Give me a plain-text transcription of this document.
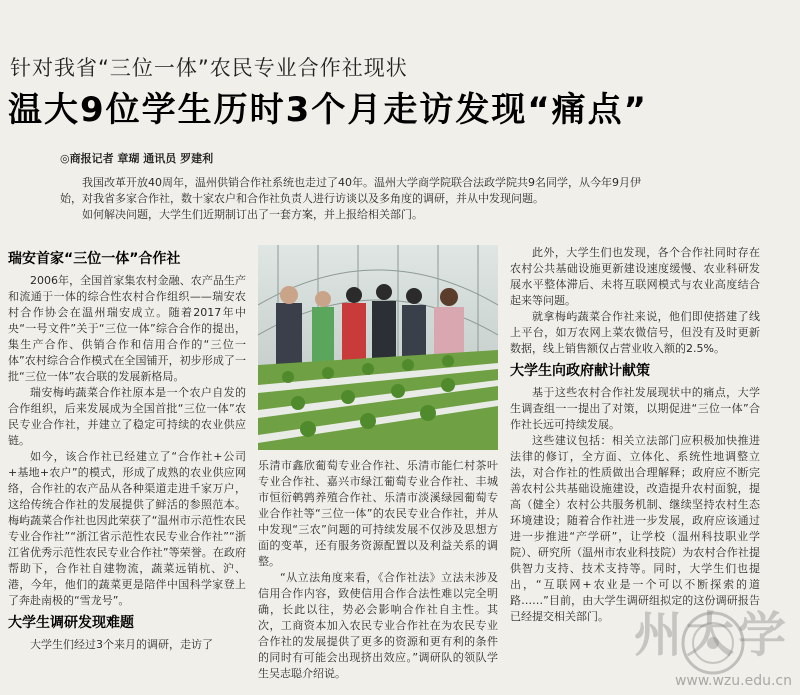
针对我省“三位一体”农民专业合作社现状
温大9位学生历时3个月走访发现“痛点”
◎商报记者 章瑚 通讯员 罗建利

我国改革开放40周年，温州供销合作社系统也走过了40年。温州大学商学院联合法政学院共9名同学，从今年9月伊始，对我省多家合作社，数十家农户和合作社负责人进行访谈以及多角度的调研，并从中发现问题。

如何解决问题，大学生们近期制订出了一套方案，并上报给相关部门。

瑞安首家“三位一体”合作社

2006年，全国首家集农村金融、农产品生产和流通于一体的综合性农村合作组织——瑞安农村合作协会在温州瑞安成立。随着2017年中央“一号文件”关于“三位一体”综合合作的提出，集生产合作、供销合作和信用合作的“三位一体”农村综合合作模式在全国铺开，初步形成了一批“三位一体”农合联的发展新格局。

瑞安梅屿蔬菜合作社原本是一个农户自发的合作组织，后来发展成为全国首批“三位一体”农民专业合作社，并建立了稳定可持续的农业供应链。

如今，该合作社已经建立了“合作社+公司+基地+农户”的模式，形成了成熟的农业供应网络，合作社的农产品从各种渠道走进千家万户，这给传统合作社的发展提供了鲜活的参照范本。梅屿蔬菜合作社也因此荣获了“温州市示范性农民专业合作社”“浙江省示范性农民专业合作社”“浙江省优秀示范性农民专业合作社”等荣誉。在政府帮助下，合作社自建物流，蔬菜远销杭、沪、港，今年，他们的蔬菜更是陪伴中国科学家登上了奔赴南极的“雪龙号”。

大学生调研发现难题

大学生们经过3个来月的调研，走访了

乐清市鑫欣葡萄专业合作社、乐清市能仁村茶叶专业合作社、嘉兴市绿江葡萄专业合作社、丰城市恒衍鹌鹑养殖合作社、乐清市淡溪绿园葡萄专业合作社等“三位一体”的农民专业合作社，并从中发现“三农”问题的可持续发展不仅涉及思想方面的变革，还有服务资源配置以及利益关系的调整。

“从立法角度来看，《合作社法》立法未涉及信用合作内容，致使信用合作合法性难以完全明确，长此以往，势必会影响合作社自主性。其次，工商资本加入农民专业合作社在为农民专业合作社的发展提供了更多的资源和更有利的条件的同时有可能会出现挤出效应。”调研队的领队学生吴志聪介绍说。

此外，大学生们也发现，各个合作社同时存在农村公共基础设施更新建设速度缓慢、农业科研发展水平整体滞后、未将互联网模式与农业高度结合起来等问题。

就拿梅屿蔬菜合作社来说，他们即使搭建了线上平台，如万农网上菜农微信号，但没有及时更新数据，线上销售额仅占营业收入额的2.5%。

大学生向政府献计献策

基于这些农村合作社发展现状中的痛点，大学生调查组一一提出了对策，以期促进“三位一体”合作社长远可持续发展。

这些建议包括：相关立法部门应积极加快推进法律的修订，全方面、立体化、系统性地调整立法，对合作社的性质做出合理解释；政府应不断完善农村公共基础设施建设，改造提升农村面貌，提高（健全）农村公共服务机制、继续坚持农村生态环境建设；随着合作社进一步发展，政府应该通过进一步推进“产学研”，让学校（温州科技职业学院）、研究所（温州市农业科技院）为农村合作社提供智力支持、技术支持等。同时，大学生们也提出，“互联网+农业是一个可以不断探索的道路……”目前，由大学生调研组拟定的这份调研报告已经提交相关部门。 州大学
www.wzu.edu.cn
